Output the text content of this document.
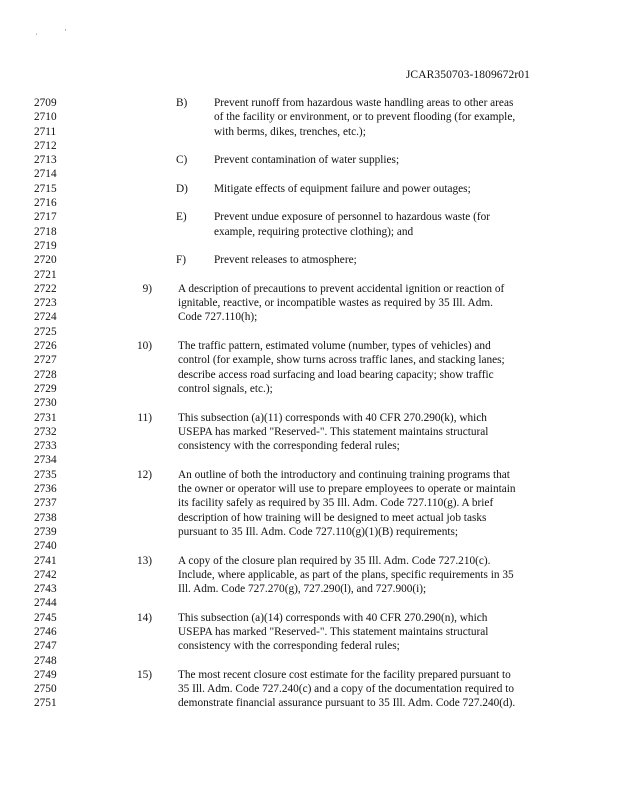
ˌ·
JCAR350703-1809672r01
2709	B) Prevent runoff from hazardous waste handling areas to other areas
2710	of the facility or environment, or to prevent flooding (for example,
2711	with berms, dikes, trenches, etc.);
2712
2713	C) Prevent contamination of water supplies;
2714
2715	D) Mitigate effects of equipment failure and power outages;
2716
2717	E) Prevent undue exposure of personnel to hazardous waste (for
2718	example, requiring protective clothing); and
2719
2720	F) Prevent releases to atmosphere;
2721
2722	9) A description of precautions to prevent accidental ignition or reaction of
2723	ignitable, reactive, or incompatible wastes as required by 35 Ill. Adm.
2724	Code 727.110(h);
2725
2726	10) The traffic pattern, estimated volume (number, types of vehicles) and
2727	control (for example, show turns across traffic lanes, and stacking lanes;
2728	describe access road surfacing and load bearing capacity; show traffic
2729	control signals, etc.);
2730
2731	11) This subsection (a)(11) corresponds with 40 CFR 270.290(k), which
2732	USEPA has marked "Reserved‑". This statement maintains structural
2733	consistency with the corresponding federal rules;
2734
2735	12) An outline of both the introductory and continuing training programs that
2736	the owner or operator will use to prepare employees to operate or maintain
2737	its facility safely as required by 35 Ill. Adm. Code 727.110(g). A brief
2738	description of how training will be designed to meet actual job tasks
2739	pursuant to 35 Ill. Adm. Code 727.110(g)(1)(B) requirements;
2740
2741	13) A copy of the closure plan required by 35 Ill. Adm. Code 727.210(c).
2742	Include, where applicable, as part of the plans, specific requirements in 35
2743	Ill. Adm. Code 727.270(g), 727.290(l), and 727.900(i);
2744
2745	14) This subsection (a)(14) corresponds with 40 CFR 270.290(n), which
2746	USEPA has marked "Reserved‑". This statement maintains structural
2747	consistency with the corresponding federal rules;
2748
2749	15) The most recent closure cost estimate for the facility prepared pursuant to
2750	35 Ill. Adm. Code 727.240(c) and a copy of the documentation required to
2751	demonstrate financial assurance pursuant to 35 Ill. Adm. Code 727.240(d).
